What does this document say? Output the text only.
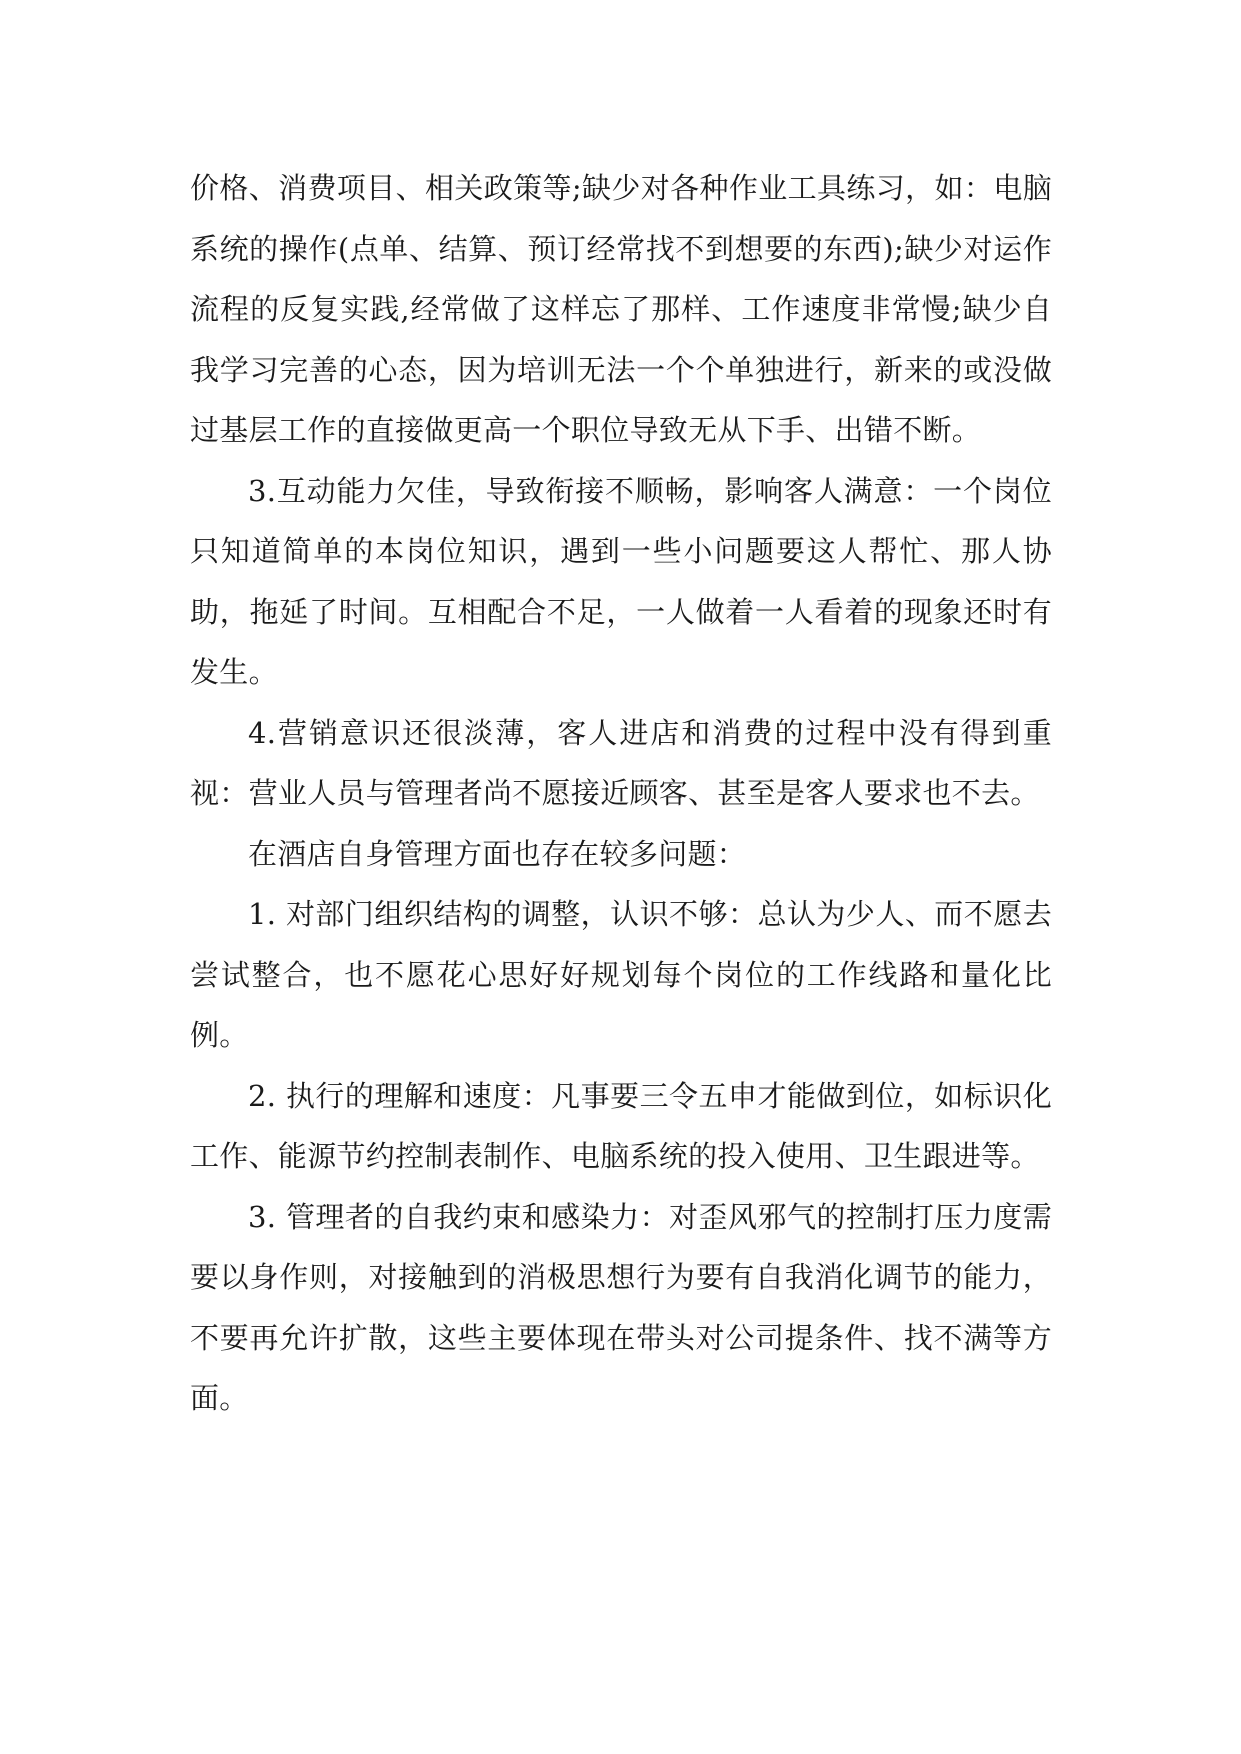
价格、消费项目、相关政策等;缺少对各种作业工具练习，如：电脑系统的操作(点单、结算、预订经常找不到想要的东西);缺少对运作流程的反复实践,经常做了这样忘了那样、工作速度非常慢;缺少自我学习完善的心态，因为培训无法一个个单独进行，新来的或没做过基层工作的直接做更高一个职位导致无从下手、出错不断。

3.互动能力欠佳，导致衔接不顺畅，影响客人满意：一个岗位只知道简单的本岗位知识，遇到一些小问题要这人帮忙、那人协助，拖延了时间。互相配合不足，一人做着一人看着的现象还时有发生。

4.营销意识还很淡薄，客人进店和消费的过程中没有得到重视：营业人员与管理者尚不愿接近顾客、甚至是客人要求也不去。

在酒店自身管理方面也存在较多问题：

1. 对部门组织结构的调整，认识不够：总认为少人、而不愿去尝试整合，也不愿花心思好好规划每个岗位的工作线路和量化比例。

2. 执行的理解和速度：凡事要三令五申才能做到位，如标识化工作、能源节约控制表制作、电脑系统的投入使用、卫生跟进等。

3. 管理者的自我约束和感染力：对歪风邪气的控制打压力度需要以身作则，对接触到的消极思想行为要有自我消化调节的能力，不要再允许扩散，这些主要体现在带头对公司提条件、找不满等方面。
